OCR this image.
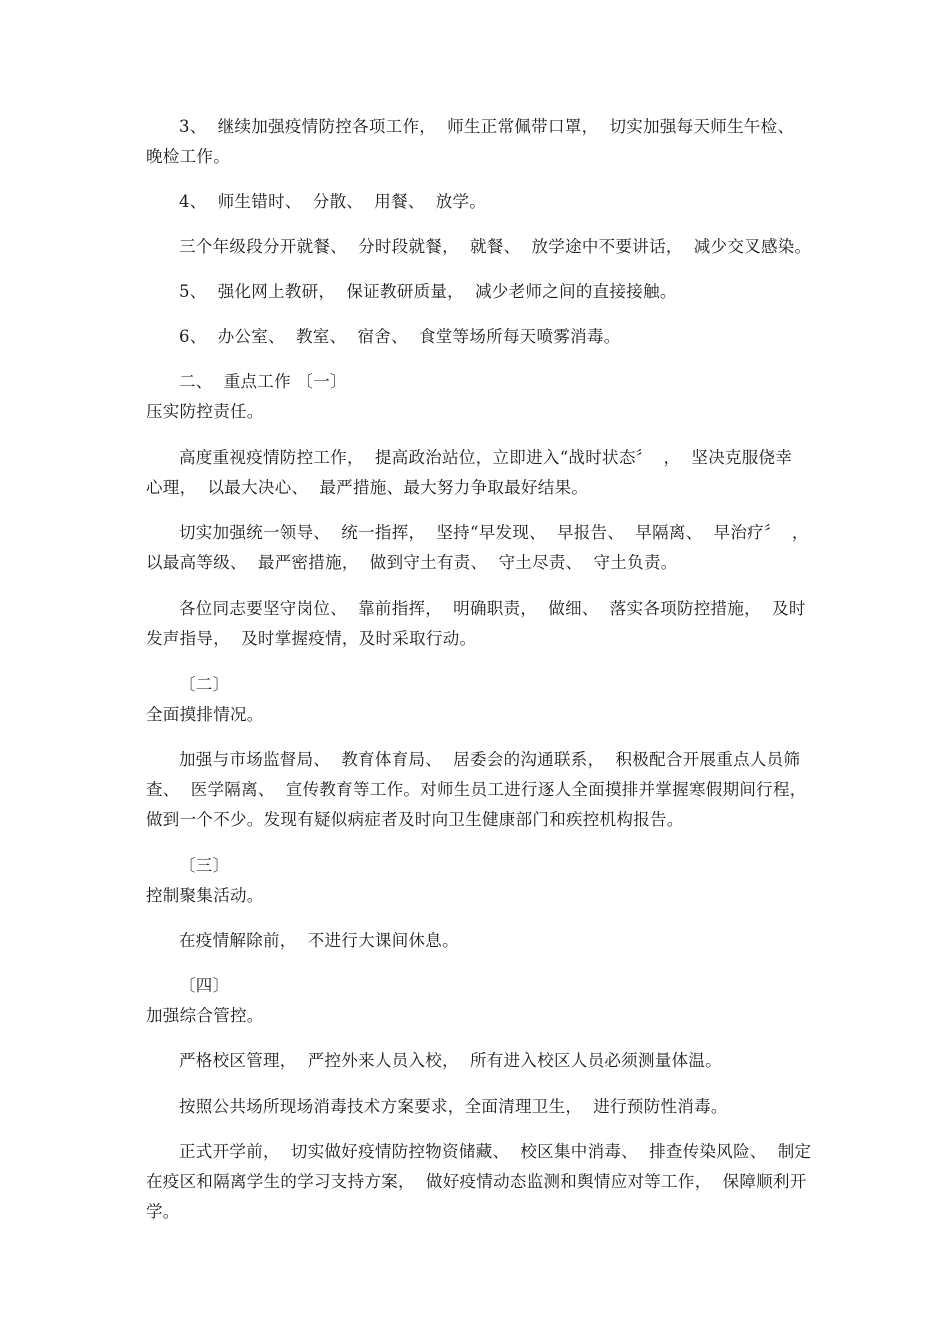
3、  继续加强疫情防控各项工作，  师生正常佩带口罩，  切实加强每天师生午检、
晚检工作。
4、  师生错时、  分散、  用餐、  放学。
三个年级段分开就餐、  分时段就餐，  就餐、  放学途中不要讲话，  减少交叉感染。
5、  强化网上教研，  保证教研质量，  减少老师之间的直接接触。
6、  办公室、  教室、  宿舍、  食堂等场所每天喷雾消毒。
二、  重点工作 〔一〕
压实防控责任。
高度重视疫情防控工作，  提高政治站位，立即进入“战时状态〞  ，  坚决克服侥幸
心理，  以最大决心、  最严措施、最大努力争取最好结果。
切实加强统一领导、  统一指挥，  坚持“早发现、  早报告、  早隔离、  早治疗〞  ，
以最高等级、  最严密措施，  做到守土有责、  守土尽责、  守土负责。
各位同志要坚守岗位、  靠前指挥，  明确职责，  做细、  落实各项防控措施，  及时
发声指导，  及时掌握疫情，及时采取行动。
〔二〕
全面摸排情况。
加强与市场监督局、  教育体育局、  居委会的沟通联系，  积极配合开展重点人员筛
查、  医学隔离、  宣传教育等工作。对师生员工进行逐人全面摸排并掌握寒假期间行程，
做到一个不少。发现有疑似病症者及时向卫生健康部门和疾控机构报告。
〔三〕
控制聚集活动。
在疫情解除前，  不进行大课间休息。
〔四〕
加强综合管控。
严格校区管理，  严控外来人员入校，  所有进入校区人员必须测量体温。
按照公共场所现场消毒技术方案要求，全面清理卫生，  进行预防性消毒。
正式开学前，  切实做好疫情防控物资储藏、  校区集中消毒、  排查传染风险、  制定
在疫区和隔离学生的学习支持方案，  做好疫情动态监测和舆情应对等工作，  保障顺利开
学。
